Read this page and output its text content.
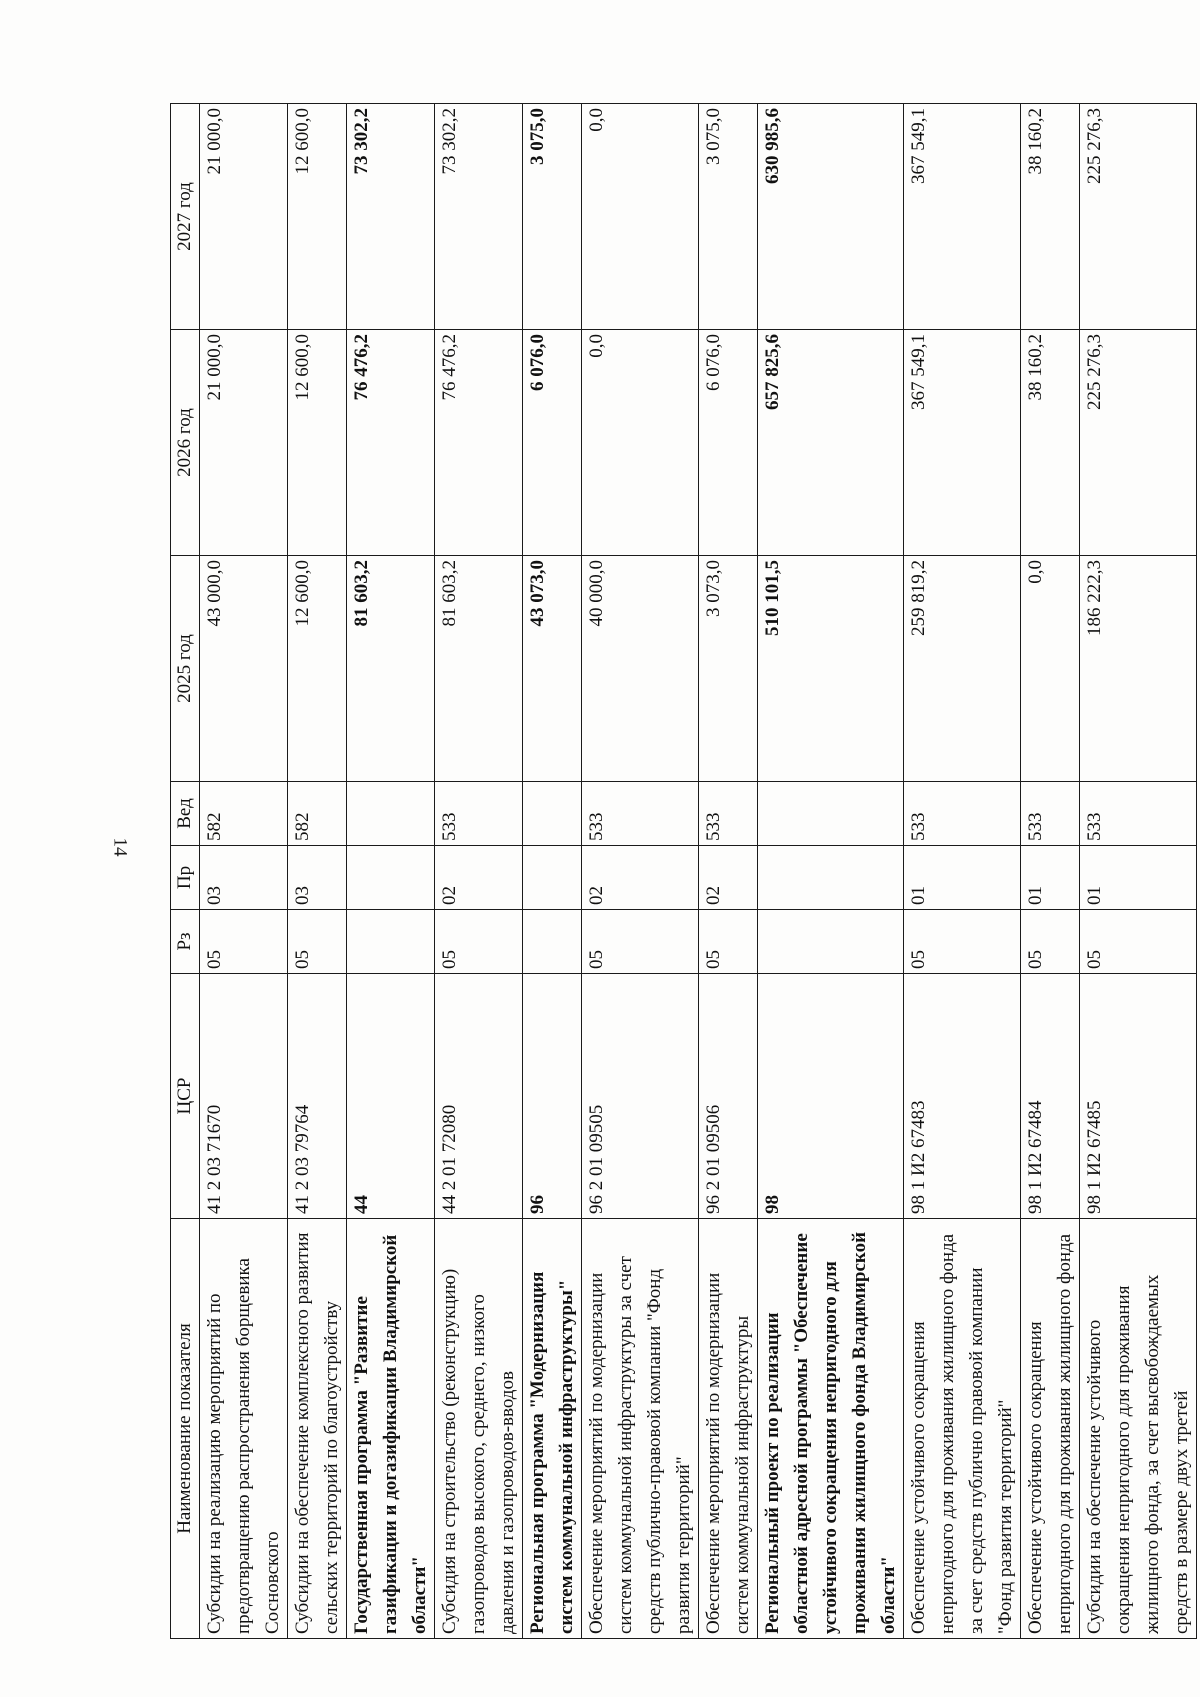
14
Наименование показателя	ЦСР	Рз	Пр	Вед	2025 год	2026 год	2027 год
Субсидии на реализацию мероприятий по предотвращению распространения борщевика Сосновского	41 2 03 71670	05	03	582	43 000,0	21 000,0	21 000,0
Субсидии на обеспечение комплексного развития сельских территорий по благоустройству	41 2 03 79764	05	03	582	12 600,0	12 600,0	12 600,0
Государственная программа "Развитие газификации и догазификации Владимирской области"	44				81 603,2	76 476,2	73 302,2
Субсидия на строительство (реконструкцию) газопроводов высокого, среднего, низкого давления и газопроводов-вводов	44 2 01 72080	05	02	533	81 603,2	76 476,2	73 302,2
Региональная программа "Модернизация систем коммунальной инфраструктуры"	96				43 073,0	6 076,0	3 075,0
Обеспечение мероприятий по модернизации систем коммунальной инфраструктуры за счет средств публично-правовой компании "Фонд развития территорий"	96 2 01 09505	05	02	533	40 000,0	0,0	0,0
Обеспечение мероприятий по модернизации систем коммунальной инфраструктуры	96 2 01 09506	05	02	533	3 073,0	6 076,0	3 075,0
Региональный проект по реализации областной адресной программы "Обеспечение устойчивого сокращения непригодного для проживания жилищного фонда Владимирской области"	98				510 101,5	657 825,6	630 985,6
Обеспечение устойчивого сокращения непригодного для проживания жилищного фонда за счет средств публично правовой компании "Фонд развития территорий"	98 1 И2 67483	05	01	533	259 819,2	367 549,1	367 549,1
Обеспечение устойчивого сокращения непригодного для проживания жилищного фонда	98 1 И2 67484	05	01	533	0,0	38 160,2	38 160,2
Субсидии на обеспечение устойчивого сокращения непригодного для проживания жилищного фонда, за счет высвобождаемых средств в размере двух третей	98 1 И2 67485	05	01	533	186 222,3	225 276,3	225 276,3
